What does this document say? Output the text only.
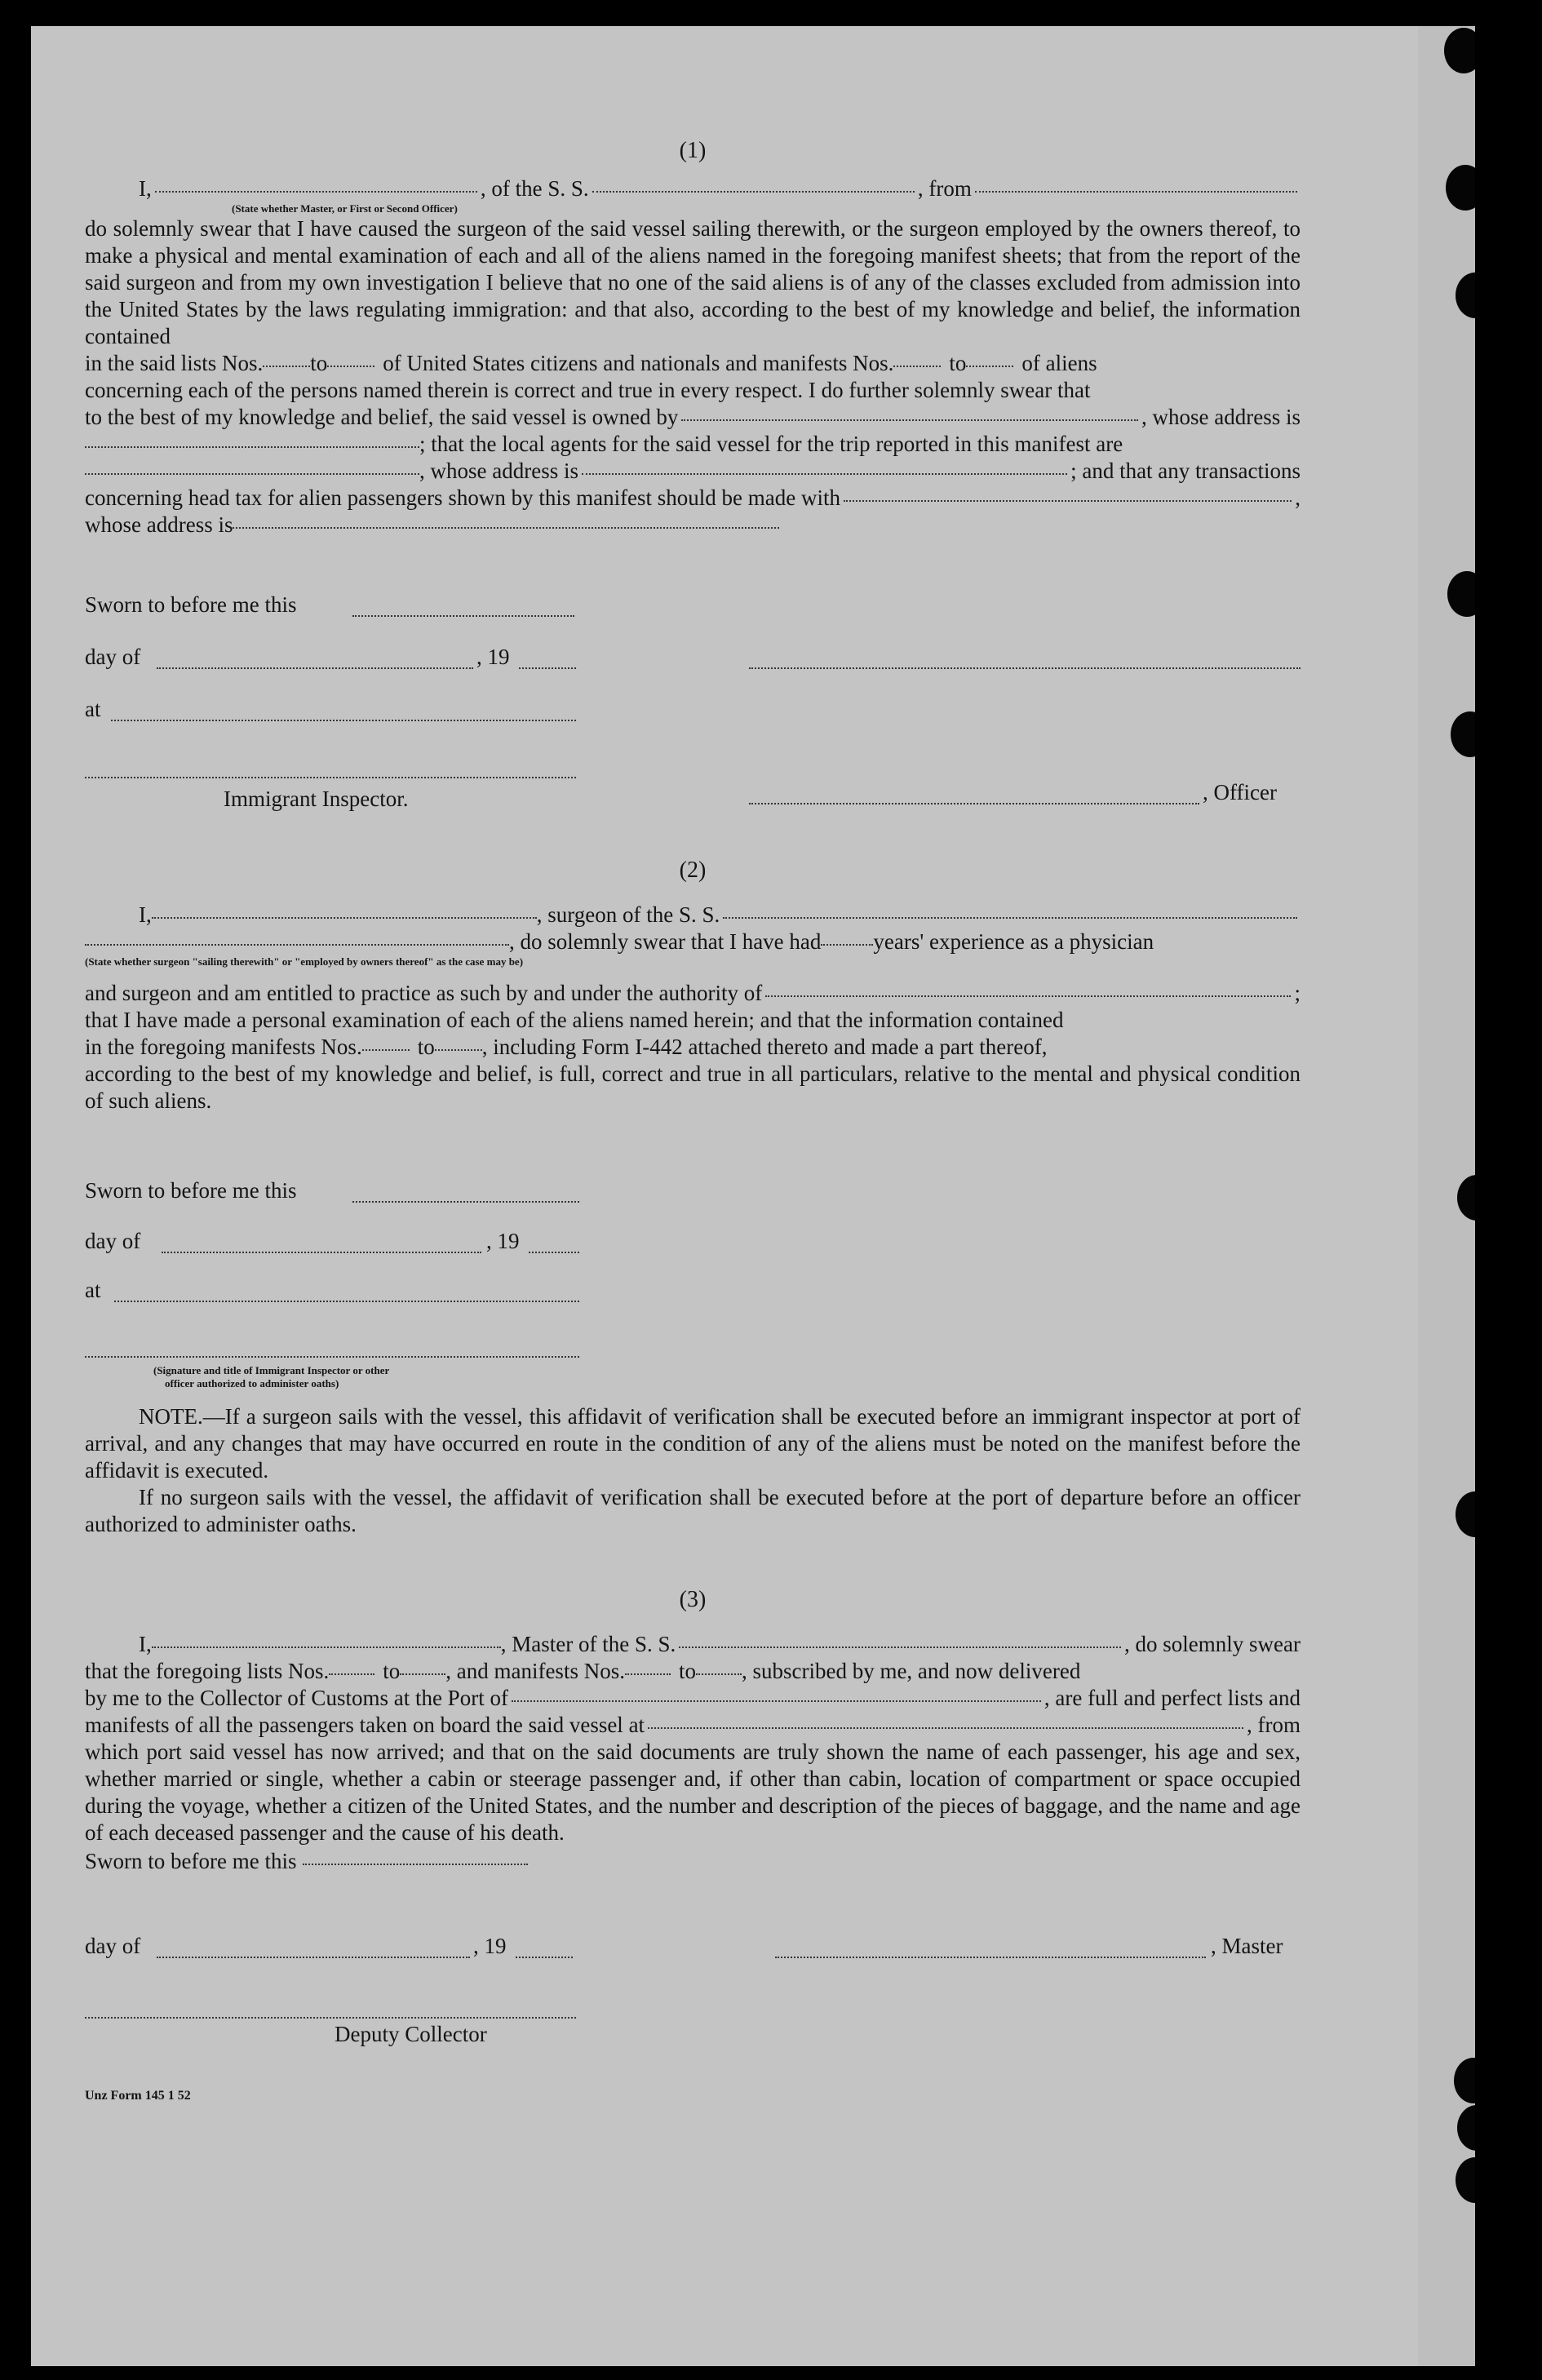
(1)

I,	, of the S. S.	, from
(State whether Master, or First or Second Officer)

do solemnly swear that I have caused the surgeon of the said vessel sailing therewith, or the surgeon employed by the owners thereof, to make a physical and mental examination of each and all of the aliens named in the foregoing manifest sheets; that from the report of the said surgeon and from my own investigation I believe that no one of the said aliens is of any of the classes excluded from admission into the United States by the laws regulating immigration: and that also, according to the best of my knowledge and belief, the information contained

in the said lists Nos. to	of United States citizens and nationals and manifests Nos.	to	of aliens

concerning each of the persons named therein is correct and true in every respect. I do further solemnly swear that

to the best of my knowledge and belief, the said vessel is owned by	, whose address is
; that the local agents for the said vessel for the trip reported in this manifest are
, whose address is	; and that any transactions
concerning head tax for alien passengers shown by this manifest should be made with	,
whose address is
Sworn to before me this
day of	, 19
at
Immigrant Inspector.	, Officer

(2)

I,	, surgeon of the S. S.
, do solemnly swear that I have had years' experience as a physician
(State whether surgeon "sailing therewith" or "employed by owners thereof" as the case may be)
and surgeon and am entitled to practice as such by and under the authority of	;

that I have made a personal examination of each of the aliens named herein; and that the information contained

in the foregoing manifests Nos.	to , including Form I-442 attached thereto and made a part thereof,

according to the best of my knowledge and belief, is full, correct and true in all particulars, relative to the mental and physical condition of such aliens.

Sworn to before me this
day of	, 19
at
(Signature and title of Immigrant Inspector or other
officer authorized to administer oaths)

NOTE.—If a surgeon sails with the vessel, this affidavit of verification shall be executed before an immigrant inspector at port of arrival, and any changes that may have occurred en route in the condition of any of the aliens must be noted on the manifest before the affidavit is executed.

If no surgeon sails with the vessel, the affidavit of verification shall be executed before at the port of departure before an officer authorized to administer oaths.

(3)

I,	, Master of the S. S.	, do solemnly swear
that the foregoing lists Nos. to , and manifests Nos. to , subscribed by me, and now delivered
by me to the Collector of Customs at the Port of	, are full and perfect lists and
manifests of all the passengers taken on board the said vessel at	, from

which port said vessel has now arrived; and that on the said documents are truly shown the name of each passenger, his age and sex, whether married or single, whether a cabin or steerage passenger and, if other than cabin, location of compartment or space occupied during the voyage, whether a citizen of the United States, and the number and description of the pieces of baggage, and the name and age of each deceased passenger and the cause of his death.

Sworn to before me this
day of	, 19	, Master
Deputy Collector
Unz Form 145 1 52
